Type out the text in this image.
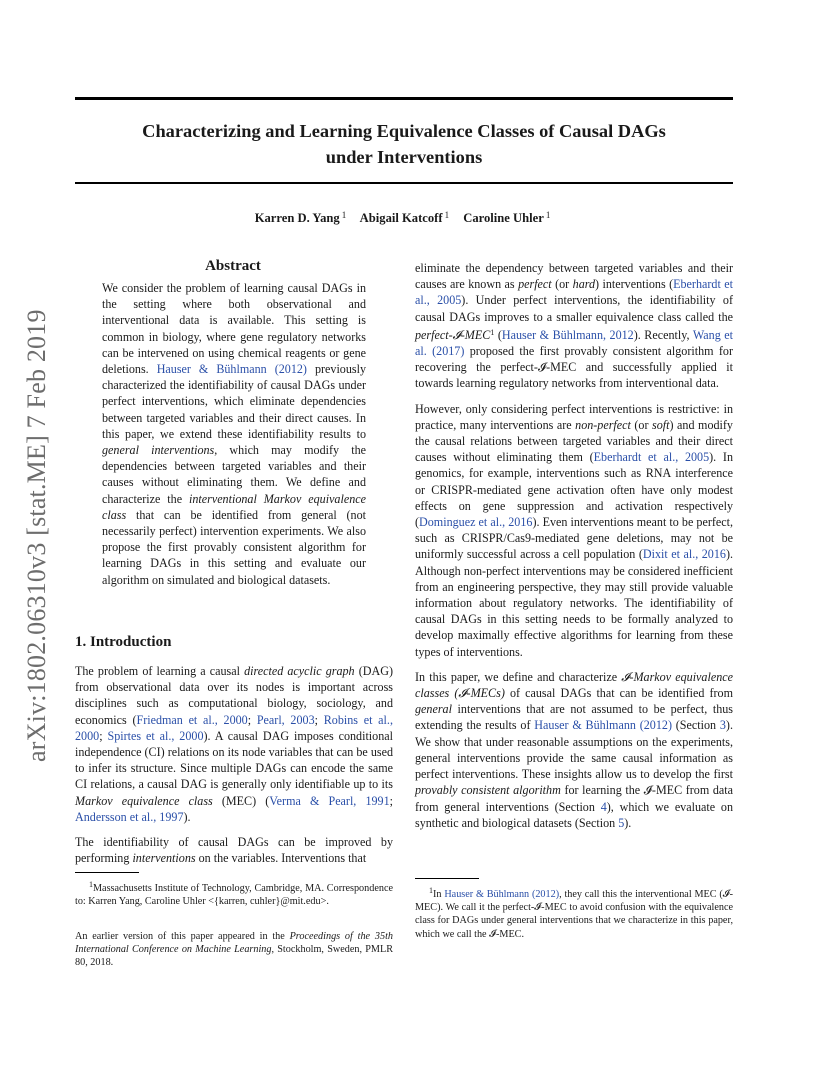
Characterizing and Learning Equivalence Classes of Causal DAGs
under Interventions
Karren D. Yang $^1$ Abigail Katcoff $^1$ Caroline Uhler $^1$
arXiv:1802.06310v3 [stat.ME] 7 Feb 2019
Abstract
We consider the problem of learning causal DAGs in the setting where both observational and interventional data is available. This setting is common in biology, where gene regulatory networks can be intervened on using chemical reagents or gene deletions. Hauser & Bühlmann (2012) previously characterized the identifiability of causal DAGs under perfect interventions, which eliminate dependencies between targeted variables and their direct causes. In this paper, we extend these identifiability results to general interventions, which may modify the dependencies between targeted variables and their causes without eliminating them. We define and characterize the interventional Markov equivalence class that can be identified from general (not necessarily perfect) intervention experiments. We also propose the first provably consistent algorithm for learning DAGs in this setting and evaluate our algorithm on simulated and biological datasets.
1. Introduction

The problem of learning a causal directed acyclic graph (DAG) from observational data over its nodes is important across disciplines such as computational biology, sociology, and economics (Friedman et al., 2000; Pearl, 2003; Robins et al., 2000; Spirtes et al., 2000). A causal DAG imposes conditional independence (CI) relations on its node variables that can be used to infer its structure. Since multiple DAGs can encode the same CI relations, a causal DAG is generally only identifiable up to its Markov equivalence class (MEC) (Verma & Pearl, 1991; Andersson et al., 1997).

The identifiability of causal DAGs can be improved by performing interventions on the variables. Interventions that

eliminate the dependency between targeted variables and their causes are known as perfect (or hard) interventions (Eberhardt et al., 2005). Under perfect interventions, the identifiability of causal DAGs improves to a smaller equivalence class called the perfect-𝓘-MEC$^1$ (Hauser & Bühlmann, 2012). Recently, Wang et al. (2017) proposed the first provably consistent algorithm for recovering the perfect-𝓘-MEC and successfully applied it towards learning regulatory networks from interventional data.

However, only considering perfect interventions is restrictive: in practice, many interventions are non-perfect (or soft) and modify the causal relations between targeted variables and their direct causes without eliminating them (Eberhardt et al., 2005). In genomics, for example, interventions such as RNA interference or CRISPR-mediated gene activation often have only modest effects on gene suppression and activation respectively (Dominguez et al., 2016). Even interventions meant to be perfect, such as CRISPR/Cas9-mediated gene deletions, may not be uniformly successful across a cell population (Dixit et al., 2016). Although non-perfect interventions may be considered inefficient from an engineering perspective, they may still provide valuable information about regulatory networks. The identifiability of causal DAGs in this setting needs to be formally analyzed to develop maximally effective algorithms for learning from these types of interventions.

In this paper, we define and characterize 𝓘-Markov equivalence classes (𝓘-MECs) of causal DAGs that can be identified from general interventions that are not assumed to be perfect, thus extending the results of Hauser & Bühlmann (2012) (Section 3). We show that under reasonable assumptions on the experiments, general interventions provide the same causal information as perfect interventions. These insights allow us to develop the first provably consistent algorithm for learning the 𝓘-MEC from data from general interventions (Section 4), which we evaluate on synthetic and biological datasets (Section 5).

$^1$Massachusetts Institute of Technology, Cambridge, MA. Correspondence to: Karren Yang, Caroline Uhler <{karren, cuhler}@mit.edu>.
An earlier version of this paper appeared in the Proceedings of the 35th International Conference on Machine Learning, Stockholm, Sweden, PMLR 80, 2018.
$^1$In Hauser & Bühlmann (2012), they call this the interventional MEC (𝓘-MEC). We call it the perfect-𝓘-MEC to avoid confusion with the equivalence class for DAGs under general interventions that we characterize in this paper, which we call the 𝓘-MEC.
